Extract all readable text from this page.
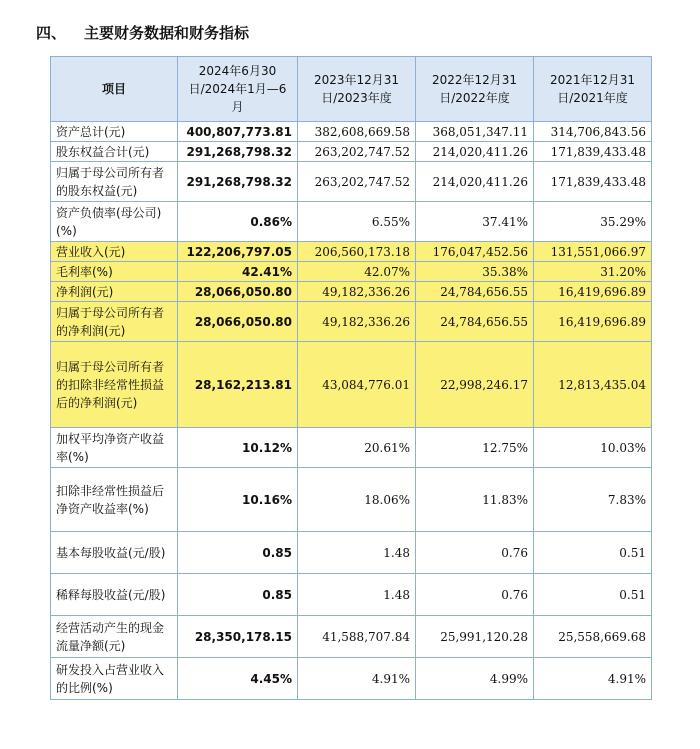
四、 主要财务数据和财务指标
项目	2024年6月30日/2024年1月—6月	2023年12月31日/2023年度	2022年12月31日/2022年度	2021年12月31日/2021年度
资产总计(元)	400,807,773.81	382,608,669.58	368,051,347.11	314,706,843.56
股东权益合计(元)	291,268,798.32	263,202,747.52	214,020,411.26	171,839,433.48
归属于母公司所有者的股东权益(元)	291,268,798.32	263,202,747.52	214,020,411.26	171,839,433.48
资产负债率(母公司)(%)	0.86%	6.55%	37.41%	35.29%
营业收入(元)	122,206,797.05	206,560,173.18	176,047,452.56	131,551,066.97
毛利率(%)	42.41%	42.07%	35.38%	31.20%
净利润(元)	28,066,050.80	49,182,336.26	24,784,656.55	16,419,696.89
归属于母公司所有者的净利润(元)	28,066,050.80	49,182,336.26	24,784,656.55	16,419,696.89
归属于母公司所有者的扣除非经常性损益后的净利润(元)	28,162,213.81	43,084,776.01	22,998,246.17	12,813,435.04
加权平均净资产收益率(%)	10.12%	20.61%	12.75%	10.03%
扣除非经常性损益后净资产收益率(%)	10.16%	18.06%	11.83%	7.83%
基本每股收益(元/股)	0.85	1.48	0.76	0.51
稀释每股收益(元/股)	0.85	1.48	0.76	0.51
经营活动产生的现金流量净额(元)	28,350,178.15	41,588,707.84	25,991,120.28	25,558,669.68
研发投入占营业收入的比例(%)	4.45%	4.91%	4.99%	4.91%
